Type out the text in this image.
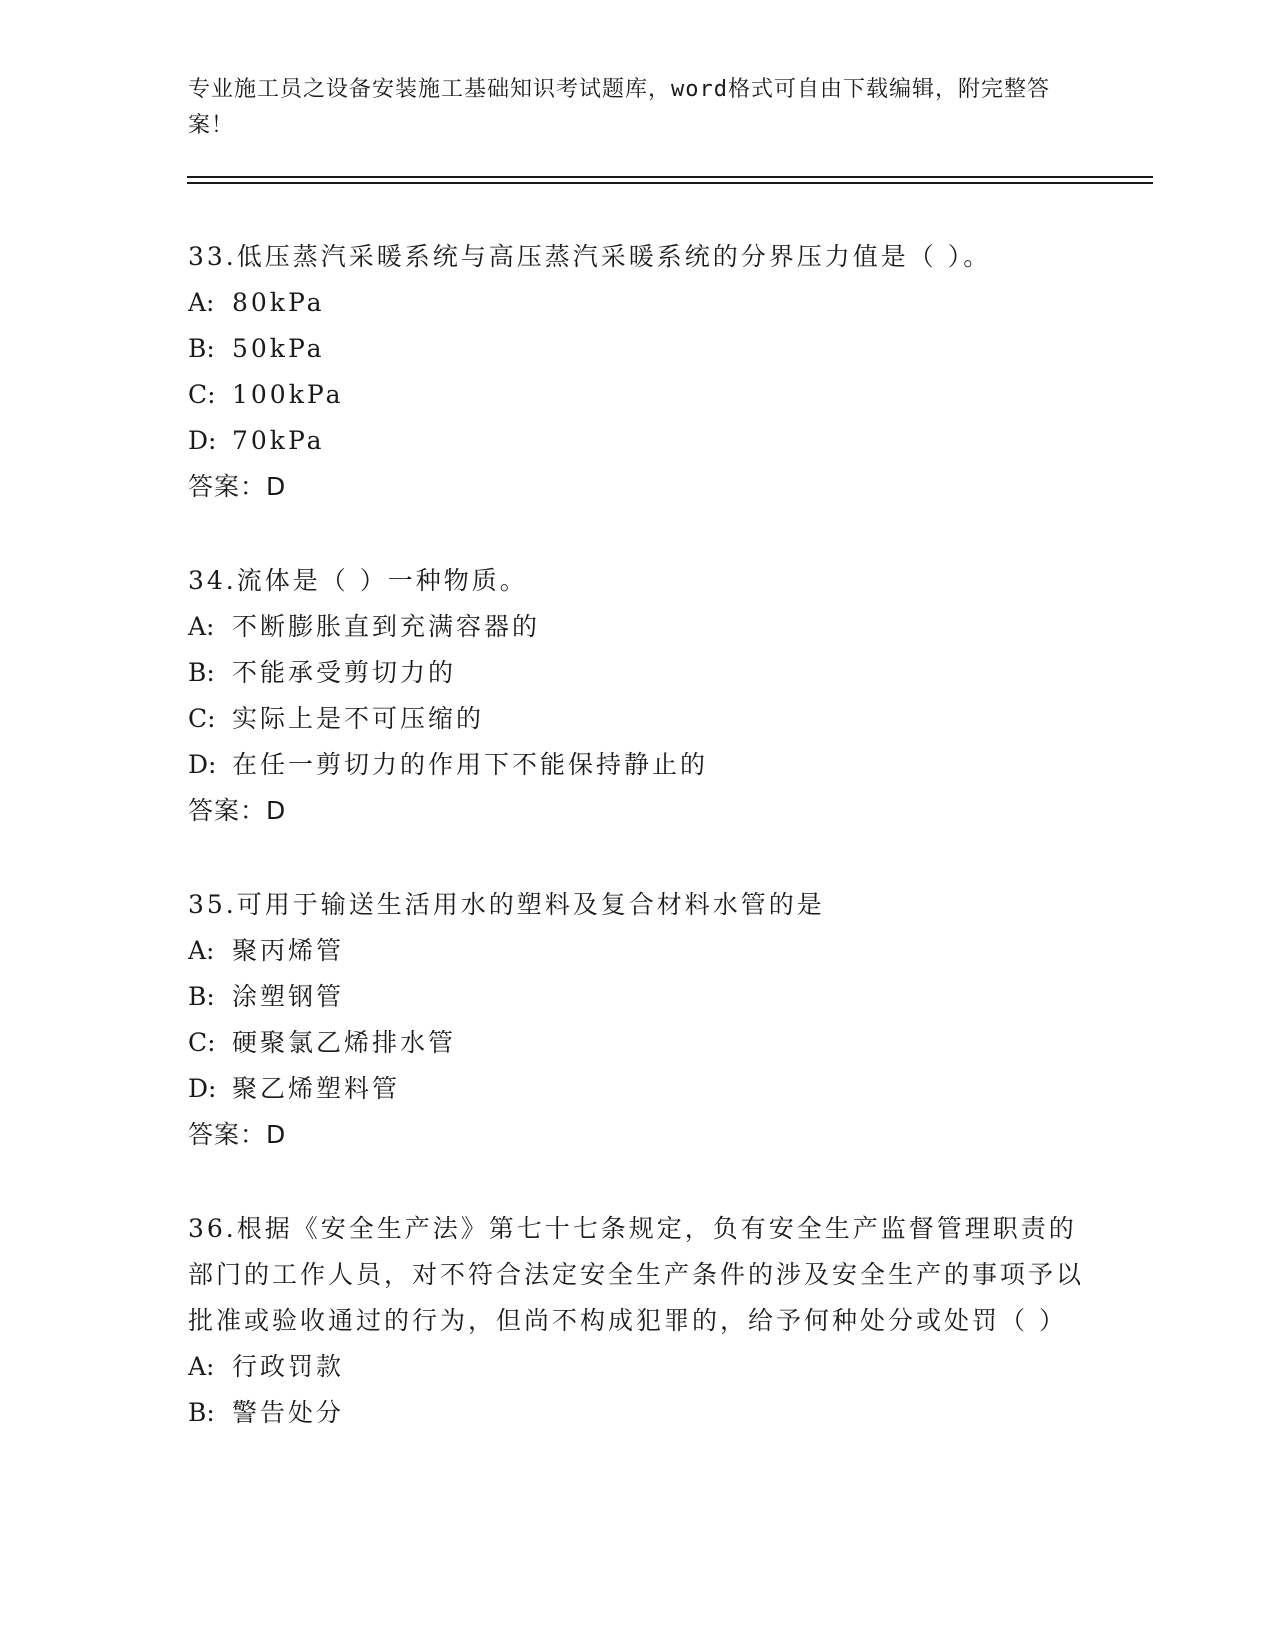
专业施工员之设备安装施工基础知识考试题库，word格式可自由下载编辑，附完整答案！
33.低压蒸汽采暖系统与高压蒸汽采暖系统的分界压力值是（ ）。
A: 80kPa
B: 50kPa
C: 100kPa
D: 70kPa
答案：D
34.流体是（ ）一种物质。
A: 不断膨胀直到充满容器的
B: 不能承受剪切力的
C: 实际上是不可压缩的
D: 在任一剪切力的作用下不能保持静止的
答案：D
35.可用于输送生活用水的塑料及复合材料水管的是
A: 聚丙烯管
B: 涂塑钢管
C: 硬聚氯乙烯排水管
D: 聚乙烯塑料管
答案：D
36.根据《安全生产法》第七十七条规定，负有安全生产监督管理职责的部门的工作人员，对不符合法定安全生产条件的涉及安全生产的事项予以批准或验收通过的行为，但尚不构成犯罪的，给予何种处分或处罚（ ）
A: 行政罚款
B: 警告处分
